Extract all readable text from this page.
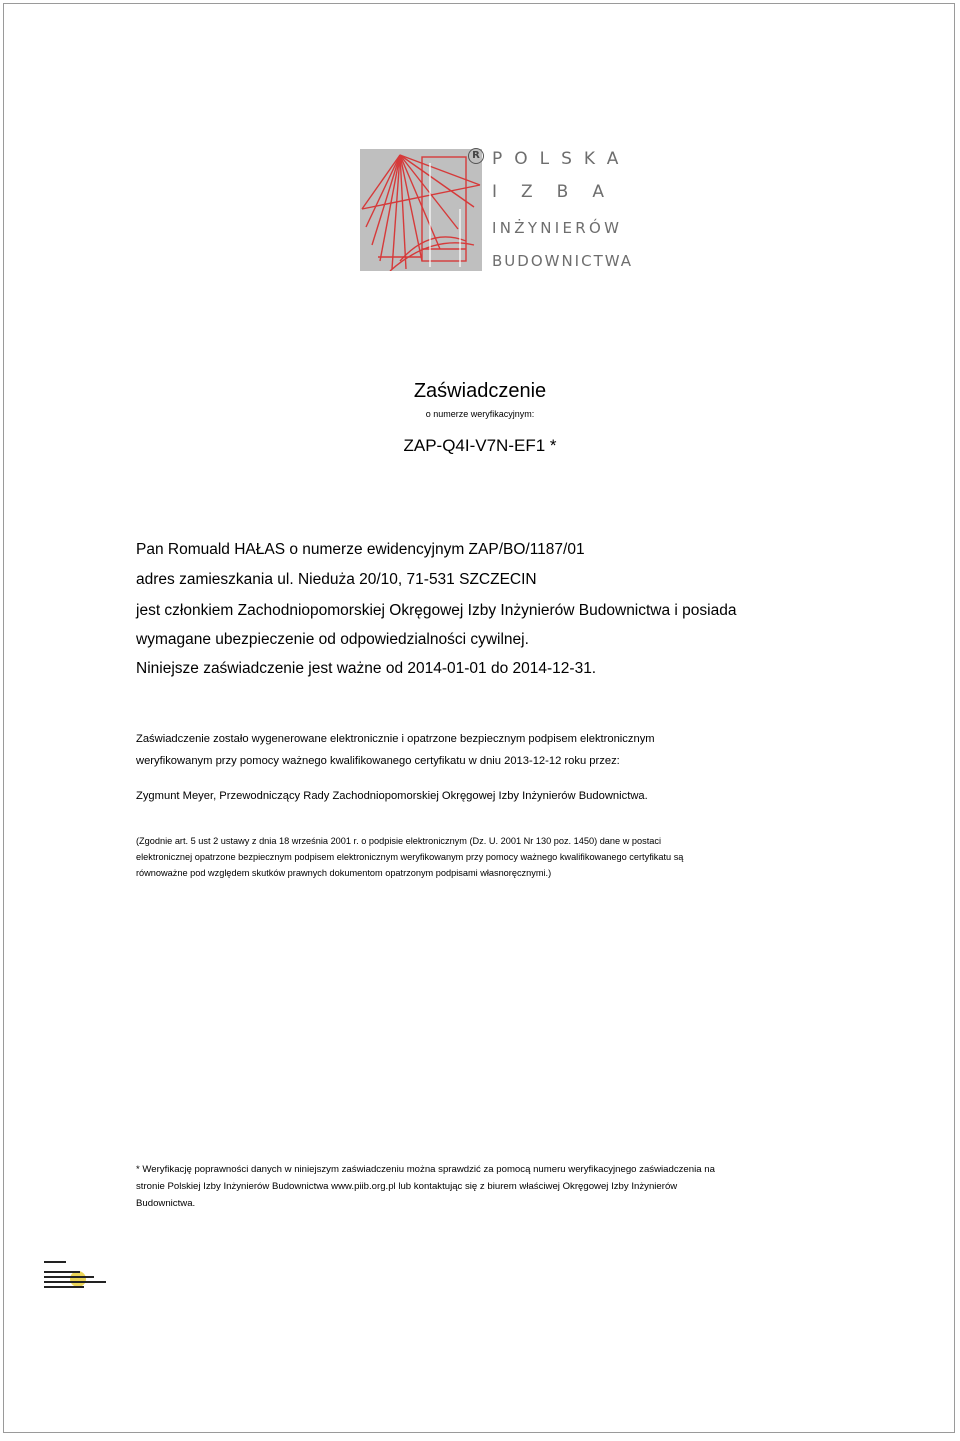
R POLSKA
IZBA
INŻYNIERÓW
BUDOWNICTWA
Zaświadczenie
o numerze weryfikacyjnym:
ZAP-Q4I-V7N-EF1 *
Pan Romuald HAŁAS o numerze ewidencyjnym ZAP/BO/1187/01
adres zamieszkania ul. Nieduża 20/10, 71-531 SZCZECIN
jest członkiem Zachodniopomorskiej Okręgowej Izby Inżynierów Budownictwa i posiada
wymagane ubezpieczenie od odpowiedzialności cywilnej.
Niniejsze zaświadczenie jest ważne od 2014-01-01 do 2014-12-31.
Zaświadczenie zostało wygenerowane elektronicznie i opatrzone bezpiecznym podpisem elektronicznym
weryfikowanym przy pomocy ważnego kwalifikowanego certyfikatu w dniu 2013-12-12 roku przez:
Zygmunt Meyer, Przewodniczący Rady Zachodniopomorskiej Okręgowej Izby Inżynierów Budownictwa.
(Zgodnie art. 5 ust 2 ustawy z dnia 18 września 2001 r. o podpisie elektronicznym (Dz. U. 2001 Nr 130 poz. 1450) dane w postaci
elektronicznej opatrzone bezpiecznym podpisem elektronicznym weryfikowanym przy pomocy ważnego kwalifikowanego certyfikatu są
równoważne pod względem skutków prawnych dokumentom opatrzonym podpisami własnoręcznymi.)
* Weryfikację poprawności danych w niniejszym zaświadczeniu można sprawdzić za pomocą numeru weryfikacyjnego zaświadczenia na
stronie Polskiej Izby Inżynierów Budownictwa www.piib.org.pl lub kontaktując się z biurem właściwej Okręgowej Izby Inżynierów
Budownictwa.
